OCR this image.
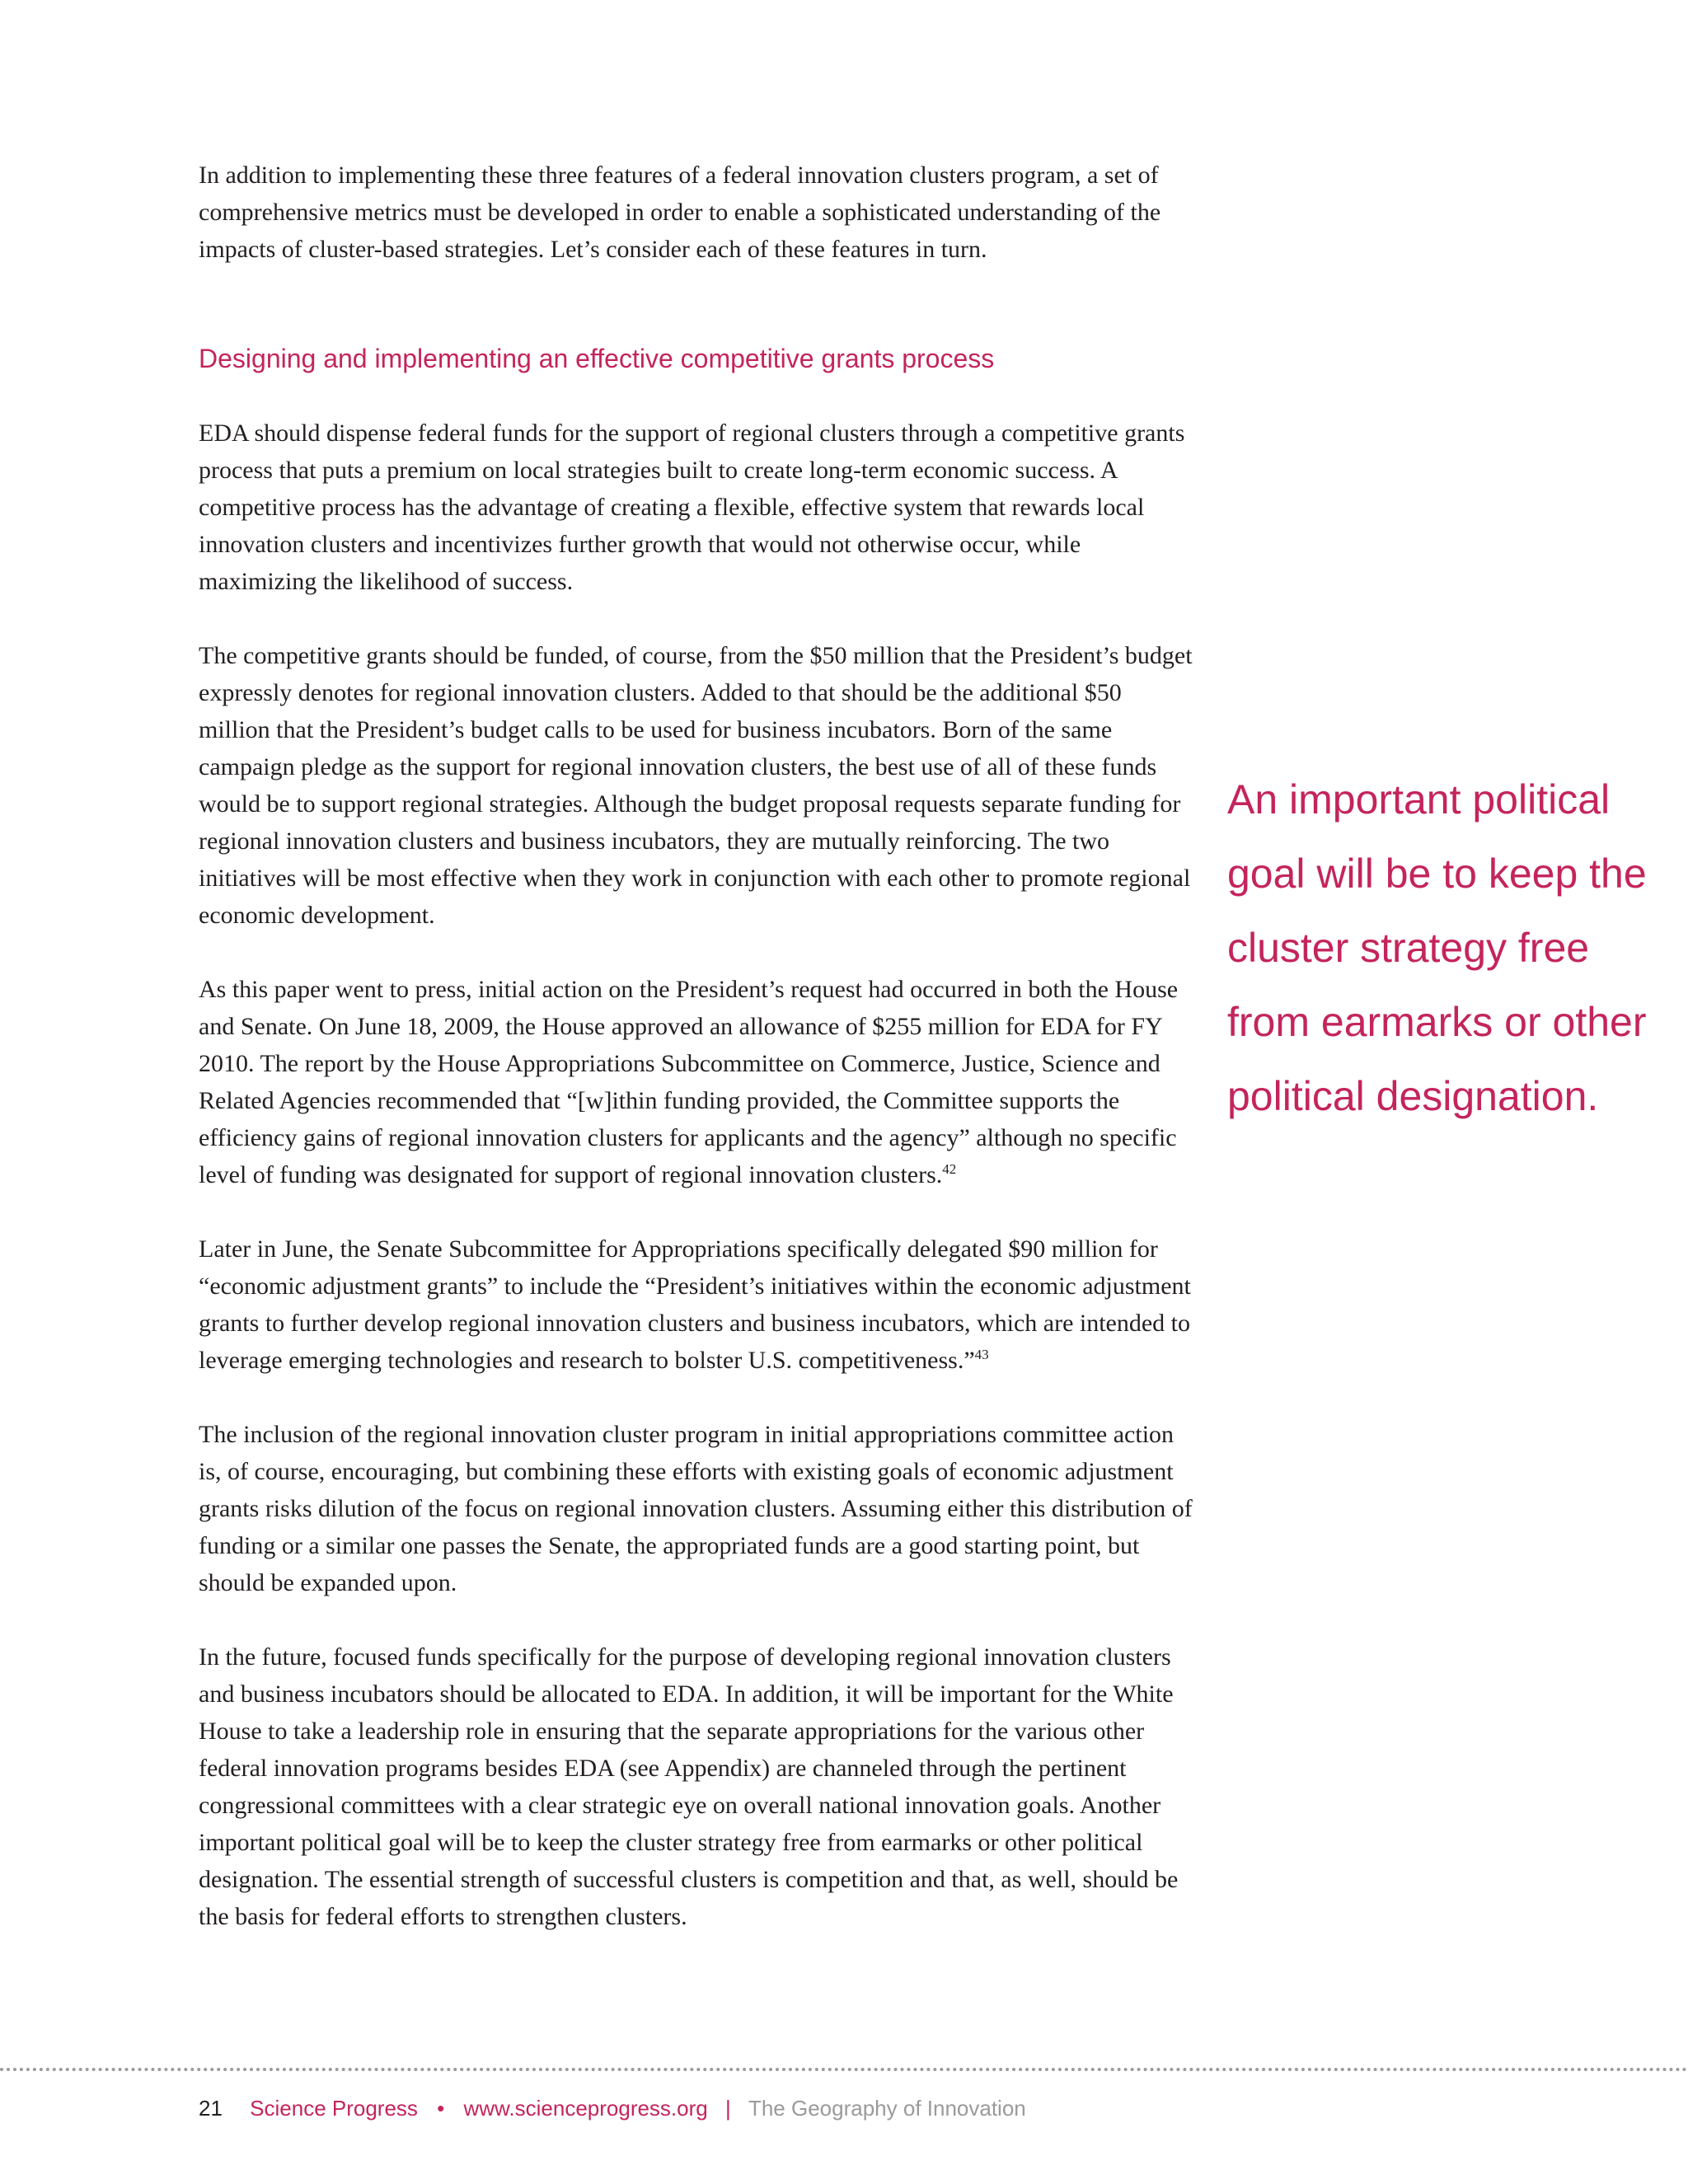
In addition to implementing these three features of a federal innovation clusters program, a set of comprehensive metrics must be developed in order to enable a sophisticated understanding of the impacts of cluster-based strategies. Let’s consider each of these features in turn.

Designing and implementing an effective competitive grants process

EDA should dispense federal funds for the support of regional clusters through a competitive grants process that puts a premium on local strategies built to create long-term economic success. A competitive process has the advantage of creating a flexible, effective system that rewards local innovation clusters and incentivizes further growth that would not otherwise occur, while maximizing the likelihood of success.

The competitive grants should be funded, of course, from the $50 million that the President’s budget expressly denotes for regional innovation clusters. Added to that should be the additional $50 million that the President’s budget calls to be used for business incubators. Born of the same campaign pledge as the support for regional innovation clusters, the best use of all of these funds would be to support regional strategies. Although the budget proposal requests separate funding for regional innovation clusters and business incubators, they are mutually reinforcing. The two initiatives will be most effective when they work in conjunction with each other to promote regional economic development.

As this paper went to press, initial action on the President’s request had occurred in both the House and Senate. On June 18, 2009, the House approved an allowance of $255 million for EDA for FY 2010. The report by the House Appropriations Subcommittee on Commerce, Justice, Science and Related Agencies recommended that “[w]ithin funding provided, the Committee supports the efficiency gains of regional innovation clusters for applicants and the agency” although no specific level of funding was designated for support of regional innovation clusters.$^{42}$

Later in June, the Senate Subcommittee for Appropriations specifically delegated $90 million for “economic adjustment grants” to include the “President’s initiatives within the economic adjustment grants to further develop regional innovation clusters and business incubators, which are intended to leverage emerging technologies and research to bolster U.S. competitiveness.”$^{43}$

The inclusion of the regional innovation cluster program in initial appropriations committee action is, of course, encouraging, but combining these efforts with existing goals of economic adjustment grants risks dilution of the focus on regional innovation clusters. Assuming either this distribution of funding or a similar one passes the Senate, the appropriated funds are a good starting point, but should be expanded upon.

In the future, focused funds specifically for the purpose of developing regional innovation clusters and business incubators should be allocated to EDA. In addition, it will be important for the White House to take a leadership role in ensuring that the separate appropriations for the various other federal innovation programs besides EDA (see Appendix) are channeled through the pertinent congressional committees with a clear strategic eye on overall national innovation goals. Another important political goal will be to keep the cluster strategy free from earmarks or other political designation. The essential strength of successful clusters is competition and that, as well, should be the basis for federal efforts to strengthen clusters.

An important political goal will be to keep the cluster strategy free from earmarks or other political designation.
21 Science Progress • www.scienceprogress.org | The Geography of Innovation
